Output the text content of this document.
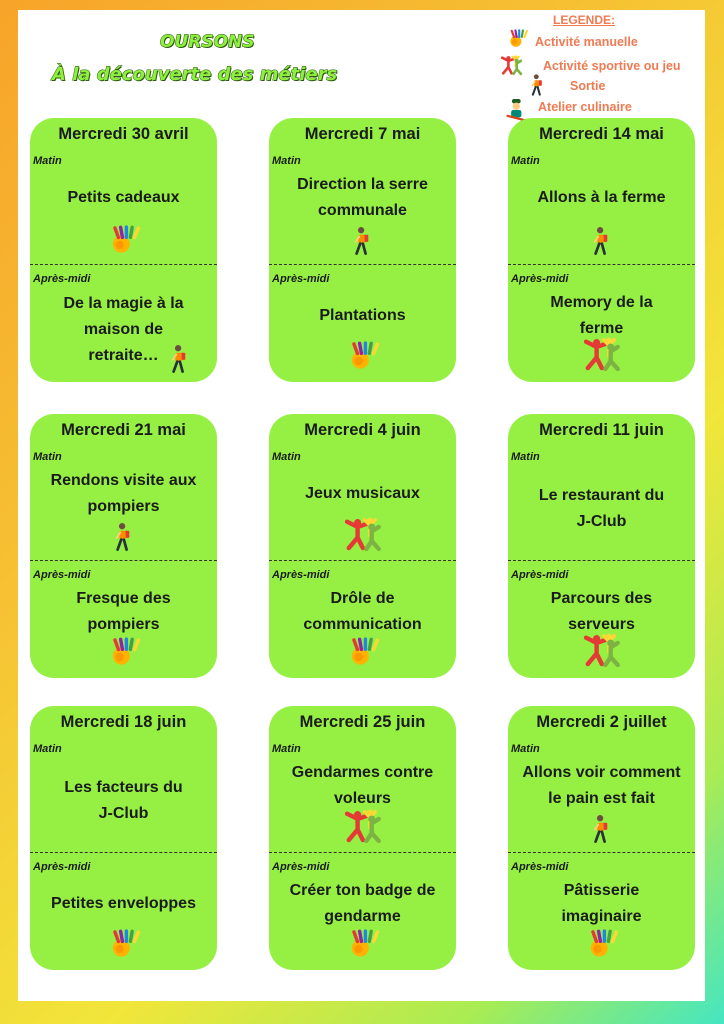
OURSONS
À la découverte des métiers
LEGENDE:
Activité manuelle
Activité sportive ou jeu
Sortie
Atelier culinaire
Mercredi 30 avril
Matin
Petits cadeaux
Après-midi
De la magie à la
maison de
retraite…
Mercredi 7 mai
Matin
Direction la serre
communale
Après-midi
Plantations
Mercredi 14 mai
Matin
Allons à la ferme
Après-midi
Memory de la
ferme
Mercredi 21 mai
Matin
Rendons visite aux
pompiers
Après-midi
Fresque des
pompiers
Mercredi 4 juin
Matin
Jeux musicaux
Après-midi
Drôle de
communication
Mercredi 11 juin
Matin
Le restaurant du
J-Club
Après-midi
Parcours des
serveurs
Mercredi 18 juin
Matin
Les facteurs du
J-Club
Après-midi
Petites enveloppes
Mercredi 25 juin
Matin
Gendarmes contre
voleurs
Après-midi
Créer ton badge de
gendarme
Mercredi 2 juillet
Matin
Allons voir comment
le pain est fait
Après-midi
Pâtisserie
imaginaire
